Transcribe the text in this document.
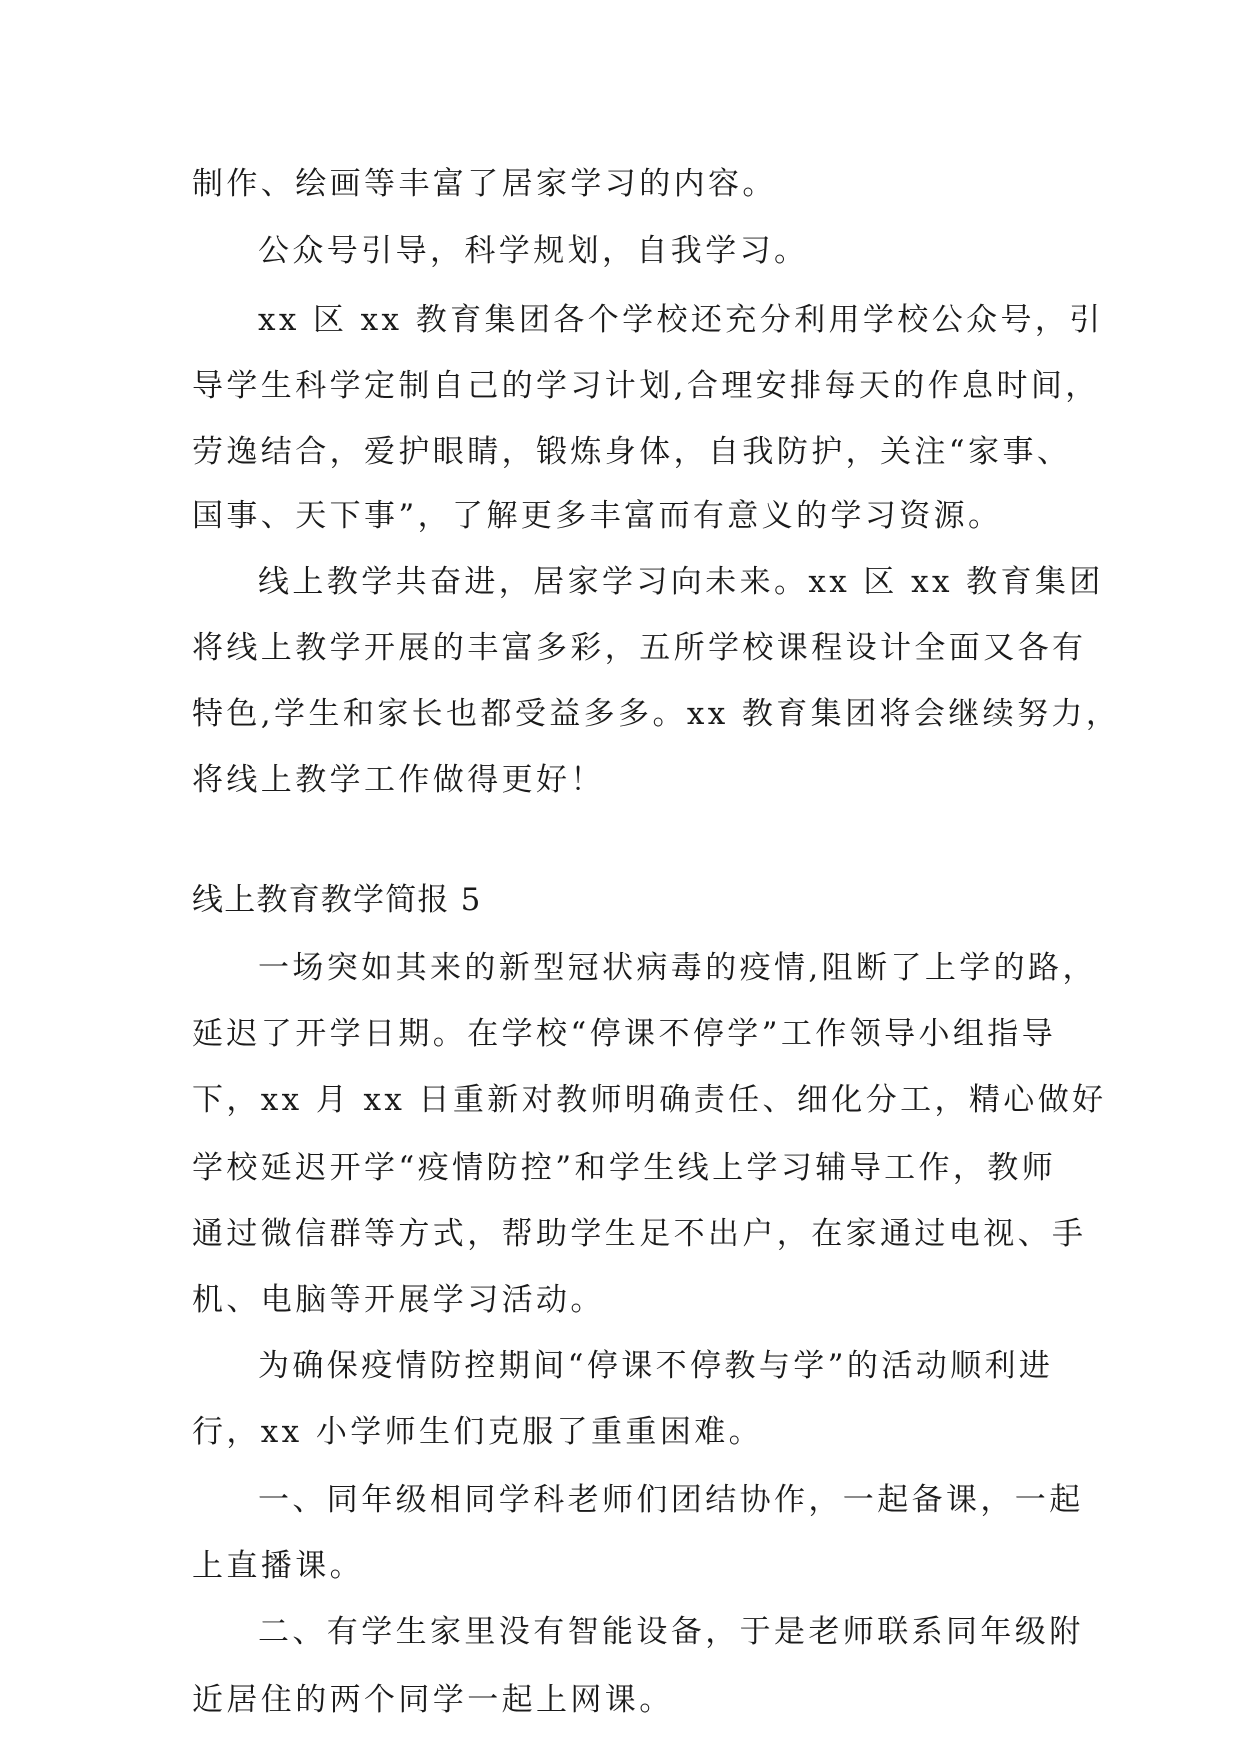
制作、绘画等丰富了居家学习的内容。
公众号引导，科学规划，自我学习。
xx 区 xx 教育集团各个学校还充分利用学校公众号，引
导学生科学定制自己的学习计划,合理安排每天的作息时间，
劳逸结合，爱护眼睛，锻炼身体，自我防护，关注“家事、
国事、天下事”，了解更多丰富而有意义的学习资源。
线上教学共奋进，居家学习向未来。xx 区 xx 教育集团
将线上教学开展的丰富多彩，五所学校课程设计全面又各有
特色,学生和家长也都受益多多。xx 教育集团将会继续努力，
将线上教学工作做得更好！
线上教育教学简报 5
一场突如其来的新型冠状病毒的疫情,阻断了上学的路，
延迟了开学日期。在学校“停课不停学”工作领导小组指导
下，xx 月 xx 日重新对教师明确责任、细化分工，精心做好
学校延迟开学“疫情防控”和学生线上学习辅导工作，教师
通过微信群等方式，帮助学生足不出户，在家通过电视、手
机、电脑等开展学习活动。
为确保疫情防控期间“停课不停教与学”的活动顺利进
行，xx 小学师生们克服了重重困难。
一、同年级相同学科老师们团结协作，一起备课，一起
上直播课。
二、有学生家里没有智能设备，于是老师联系同年级附
近居住的两个同学一起上网课。
